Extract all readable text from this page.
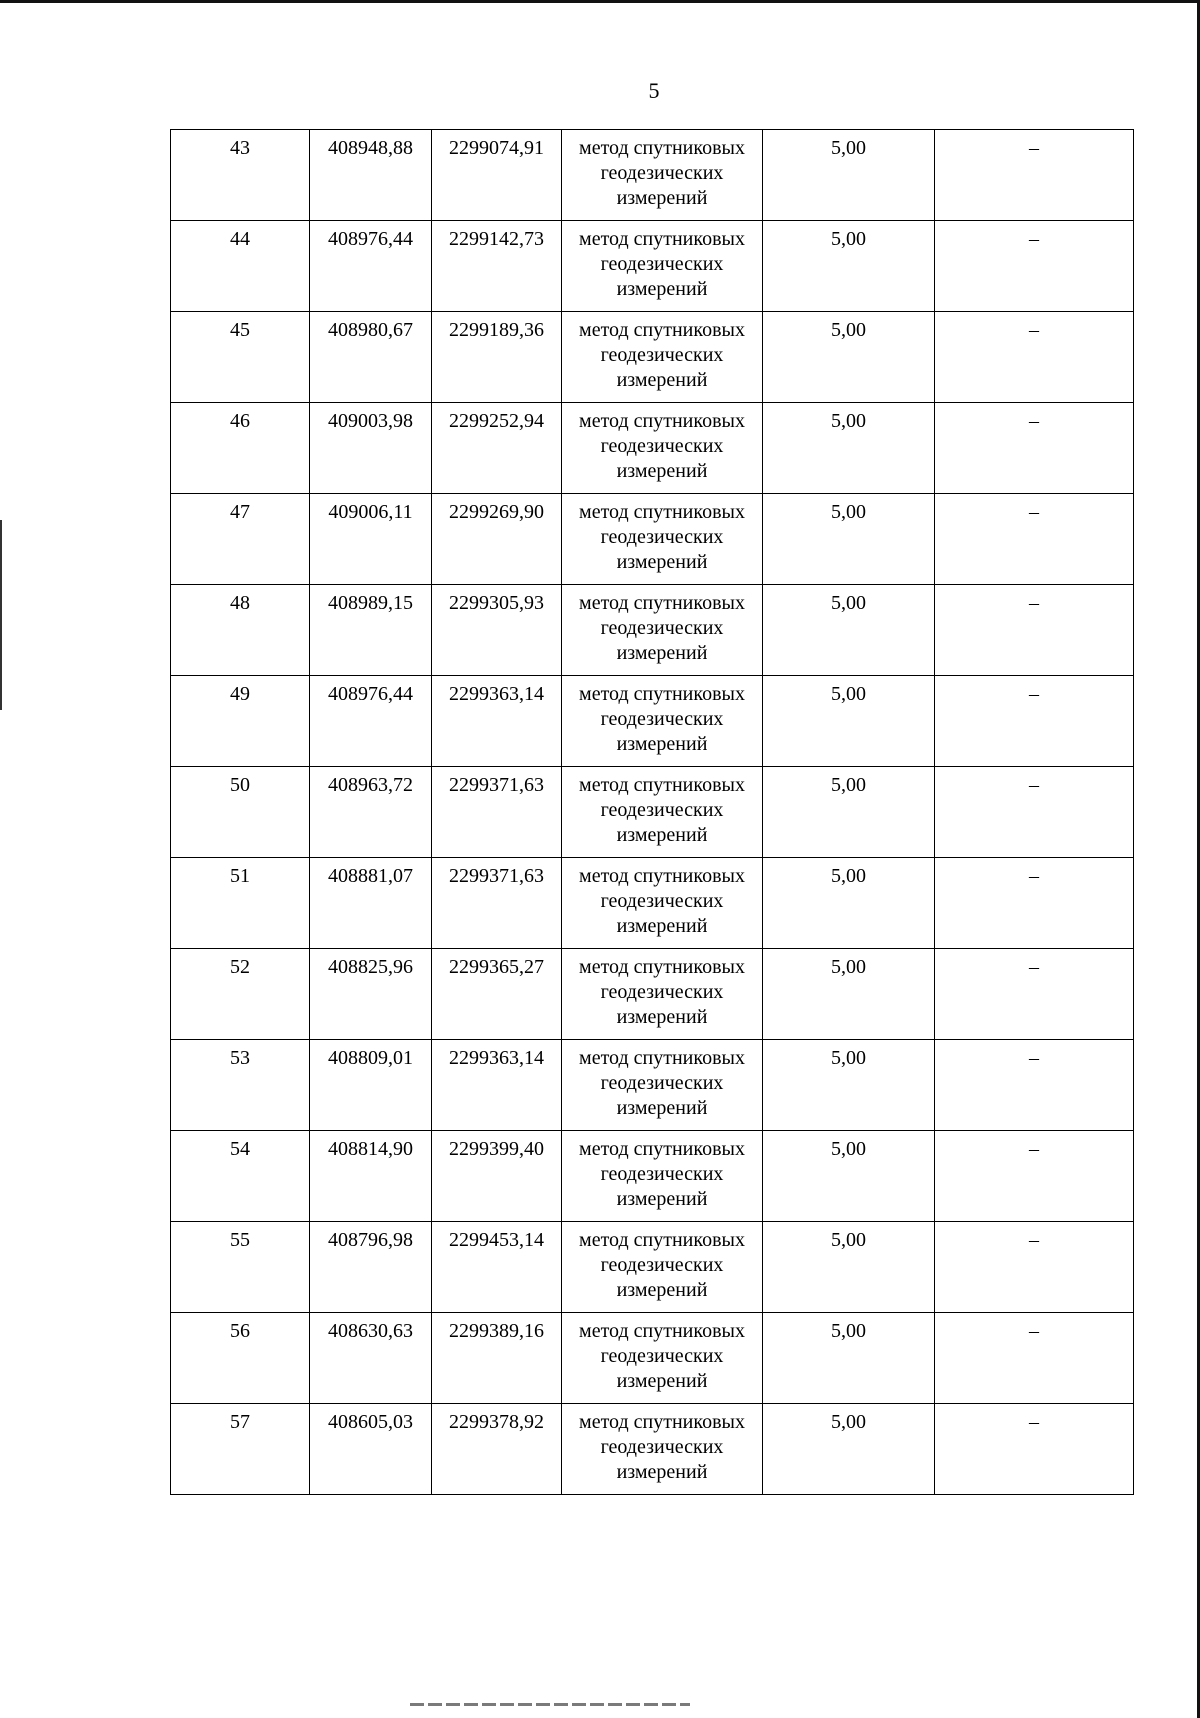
5
43	408948,88	2299074,91	метод спутниковых геодезических измерений	5,00	–
44	408976,44	2299142,73	метод спутниковых геодезических измерений	5,00	–
45	408980,67	2299189,36	метод спутниковых геодезических измерений	5,00	–
46	409003,98	2299252,94	метод спутниковых геодезических измерений	5,00	–
47	409006,11	2299269,90	метод спутниковых геодезических измерений	5,00	–
48	408989,15	2299305,93	метод спутниковых геодезических измерений	5,00	–
49	408976,44	2299363,14	метод спутниковых геодезических измерений	5,00	–
50	408963,72	2299371,63	метод спутниковых геодезических измерений	5,00	–
51	408881,07	2299371,63	метод спутниковых геодезических измерений	5,00	–
52	408825,96	2299365,27	метод спутниковых геодезических измерений	5,00	–
53	408809,01	2299363,14	метод спутниковых геодезических измерений	5,00	–
54	408814,90	2299399,40	метод спутниковых геодезических измерений	5,00	–
55	408796,98	2299453,14	метод спутниковых геодезических измерений	5,00	–
56	408630,63	2299389,16	метод спутниковых геодезических измерений	5,00	–
57	408605,03	2299378,92	метод спутниковых геодезических измерений	5,00	–
